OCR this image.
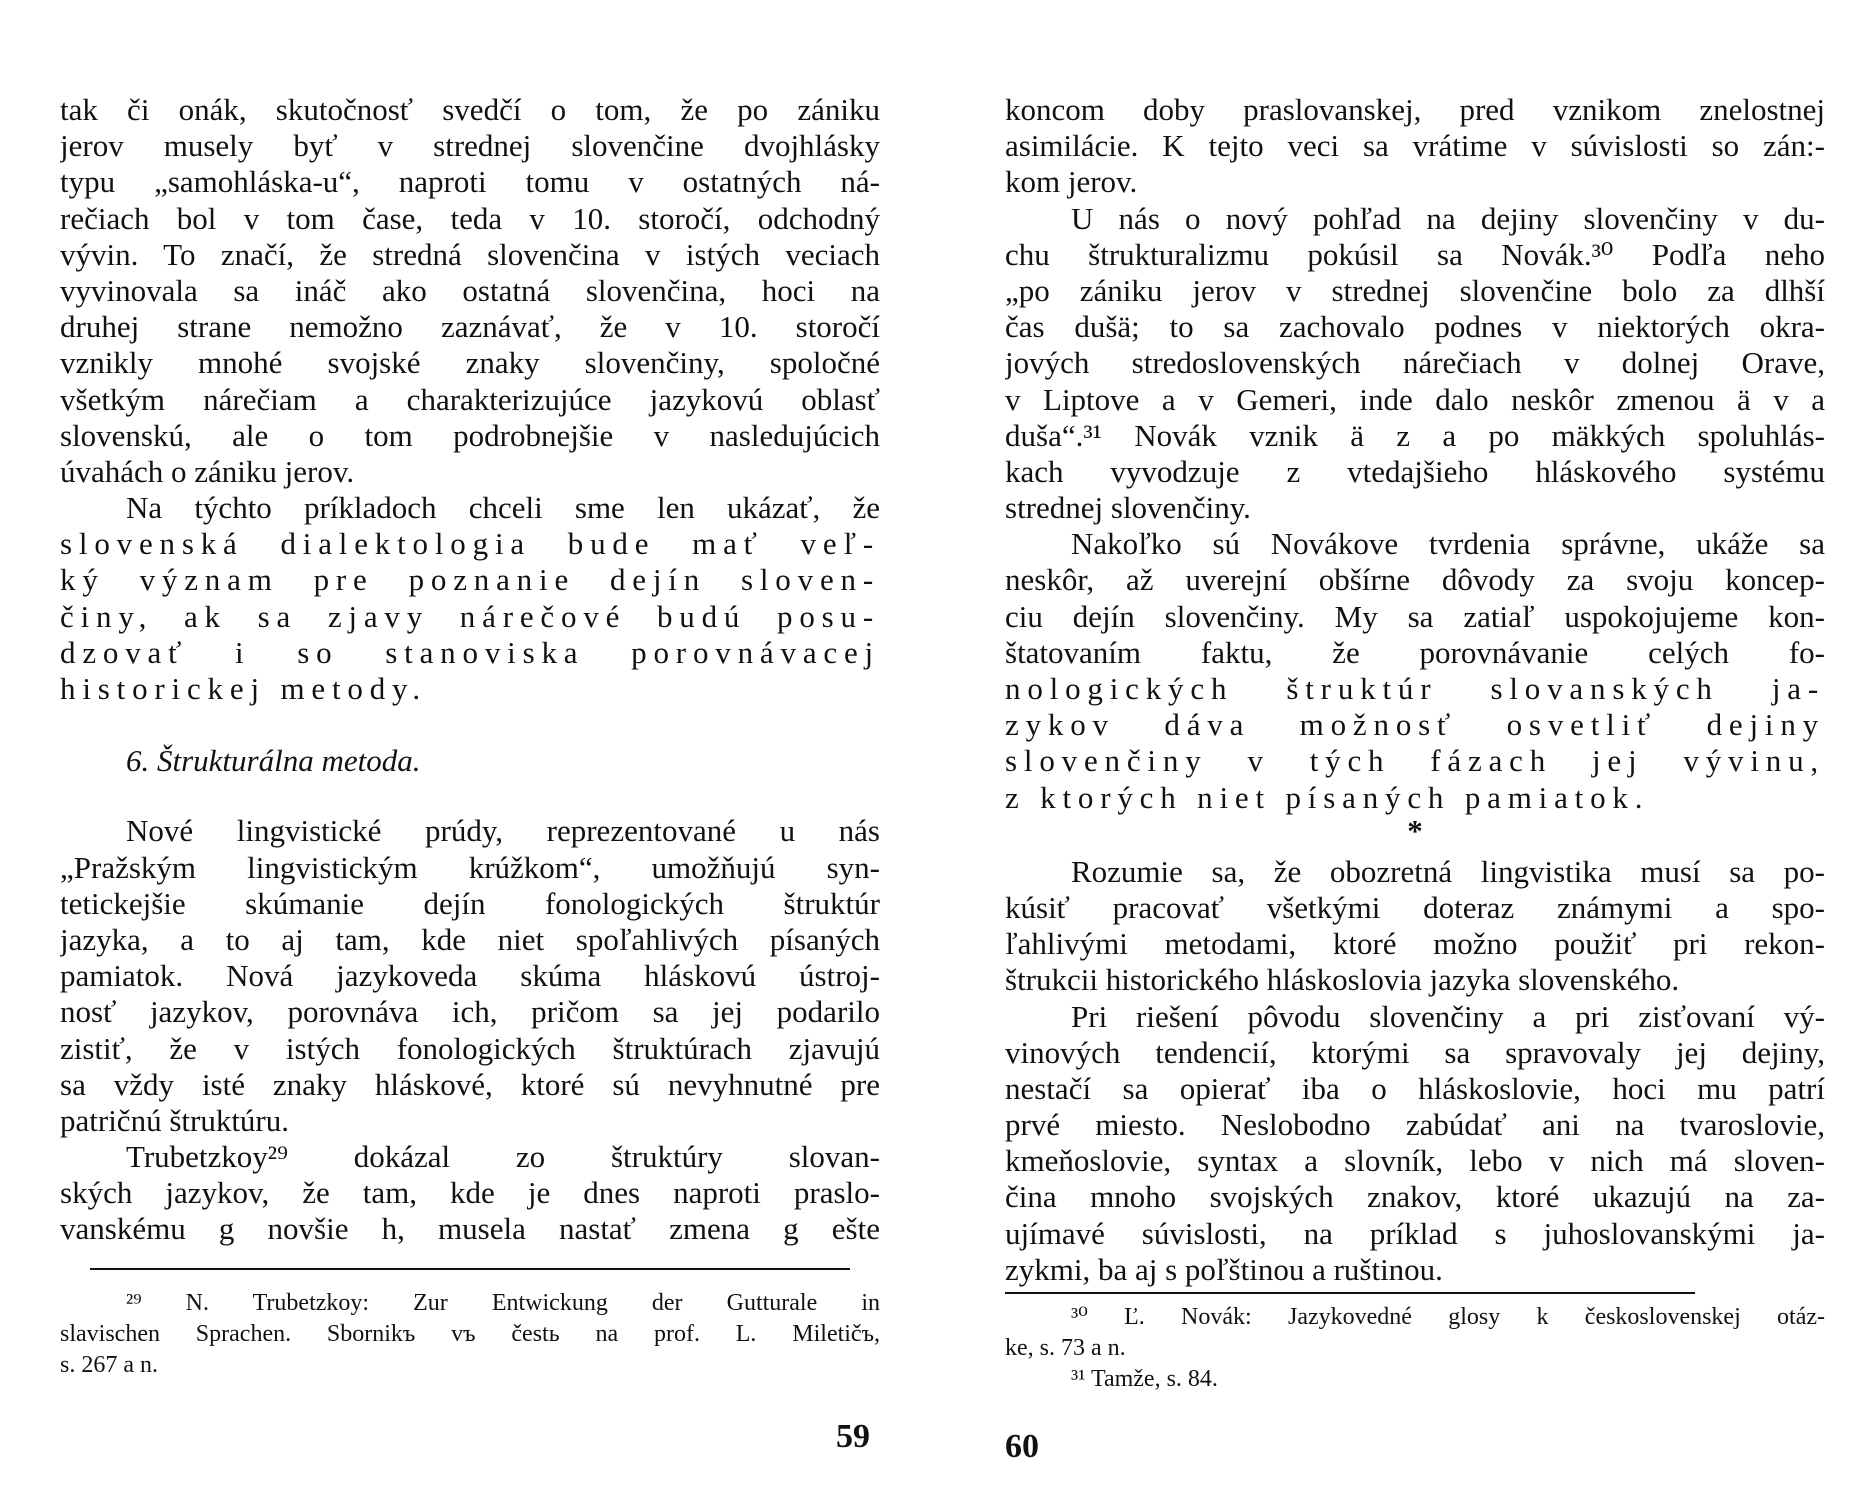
tak či onák, skutočnosť svedčí o tom, že po zániku
jerov musely byť v strednej slovenčine dvojhlásky
typu „samohláska-u“, naproti tomu v ostatných ná-
rečiach bol v tom čase, teda v 10. storočí, odchodný
vývin. To značí, že stredná slovenčina v istých veciach
vyvinovala sa ináč ako ostatná slovenčina, hoci na
druhej strane nemožno zaznávať, že v 10. storočí
vznikly mnohé svojské znaky slovenčiny, spoločné
všetkým nárečiam a charakterizujúce jazykovú oblasť
slovenskú, ale o tom podrobnejšie v nasledujúcich
úvahách o zániku jerov.
Na týchto príkladoch chceli sme len ukázať, že
slovenská dialektologia bude mať veľ-
ký význam pre poznanie dejín sloven-
činy, ak sa zjavy nárečové budú posu-
dzovať i so stanoviska porovnávacej
historickej metody.
6. Štrukturálna metoda.
Nové lingvistické prúdy, reprezentované u nás
„Pražským lingvistickým krúžkom“, umožňujú syn-
tetickejšie skúmanie dejín fonologických štruktúr
jazyka, a to aj tam, kde niet spoľahlivých písaných
pamiatok. Nová jazykoveda skúma hláskovú ústroj-
nosť jazykov, porovnáva ich, pričom sa jej podarilo
zistiť, že v istých fonologických štruktúrach zjavujú
sa vždy isté znaky hláskové, ktoré sú nevyhnutné pre
patričnú štruktúru.
Trubetzkoy²⁹ dokázal zo štruktúry slovan-
ských jazykov, že tam, kde je dnes naproti praslo-
vanskému g novšie h, musela nastať zmena g ešte
²⁹ N. Trubetzkoy: Zur Entwickung der Gutturale in
slavischen Sprachen. Sbornikъ vъ čestь na prof. L. Miletičъ,
s. 267 a n.
59
koncom doby praslovanskej, pred vznikom znelostnej
asimilácie. K tejto veci sa vrátime v súvislosti so zán:-
kom jerov.
U nás o nový pohľad na dejiny slovenčiny v du-
chu štrukturalizmu pokúsil sa Novák.³⁰ Podľa neho
„po zániku jerov v strednej slovenčine bolo za dlhší
čas dušä; to sa zachovalo podnes v niektorých okra-
jových stredoslovenských nárečiach v dolnej Orave,
v Liptove a v Gemeri, inde dalo neskôr zmenou ä v a
duša“.³¹ Novák vznik ä z a po mäkkých spoluhlás-
kach vyvodzuje z vtedajšieho hláskového systému
strednej slovenčiny.
Nakoľko sú Novákove tvrdenia správne, ukáže sa
neskôr, až uverejní obšírne dôvody za svoju koncep-
ciu dejín slovenčiny. My sa zatiaľ uspokojujeme kon-
štatovaním faktu, že porovnávanie celých fo-
nologických štruktúr slovanských ja-
zykov dáva možnosť osvetliť dejiny
slovenčiny v tých fázach jej vývinu,
z ktorých niet písaných pamiatok.
*
Rozumie sa, že obozretná lingvistika musí sa po-
kúsiť pracovať všetkými doteraz známymi a spo-
ľahlivými metodami, ktoré možno použiť pri rekon-
štrukcii historického hláskoslovia jazyka slovenského.
Pri riešení pôvodu slovenčiny a pri zisťovaní vý-
vinových tendencií, ktorými sa spravovaly jej dejiny,
nestačí sa opierať iba o hláskoslovie, hoci mu patrí
prvé miesto. Neslobodno zabúdať ani na tvaroslovie,
kmeňoslovie, syntax a slovník, lebo v nich má sloven-
čina mnoho svojských znakov, ktoré ukazujú na za-
ujímavé súvislosti, na príklad s juhoslovanskými ja-
zykmi, ba aj s poľštinou a ruštinou.
³⁰ Ľ. Novák: Jazykovedné glosy k československej otáz-
ke, s. 73 a n.
³¹ Tamže, s. 84.
60
